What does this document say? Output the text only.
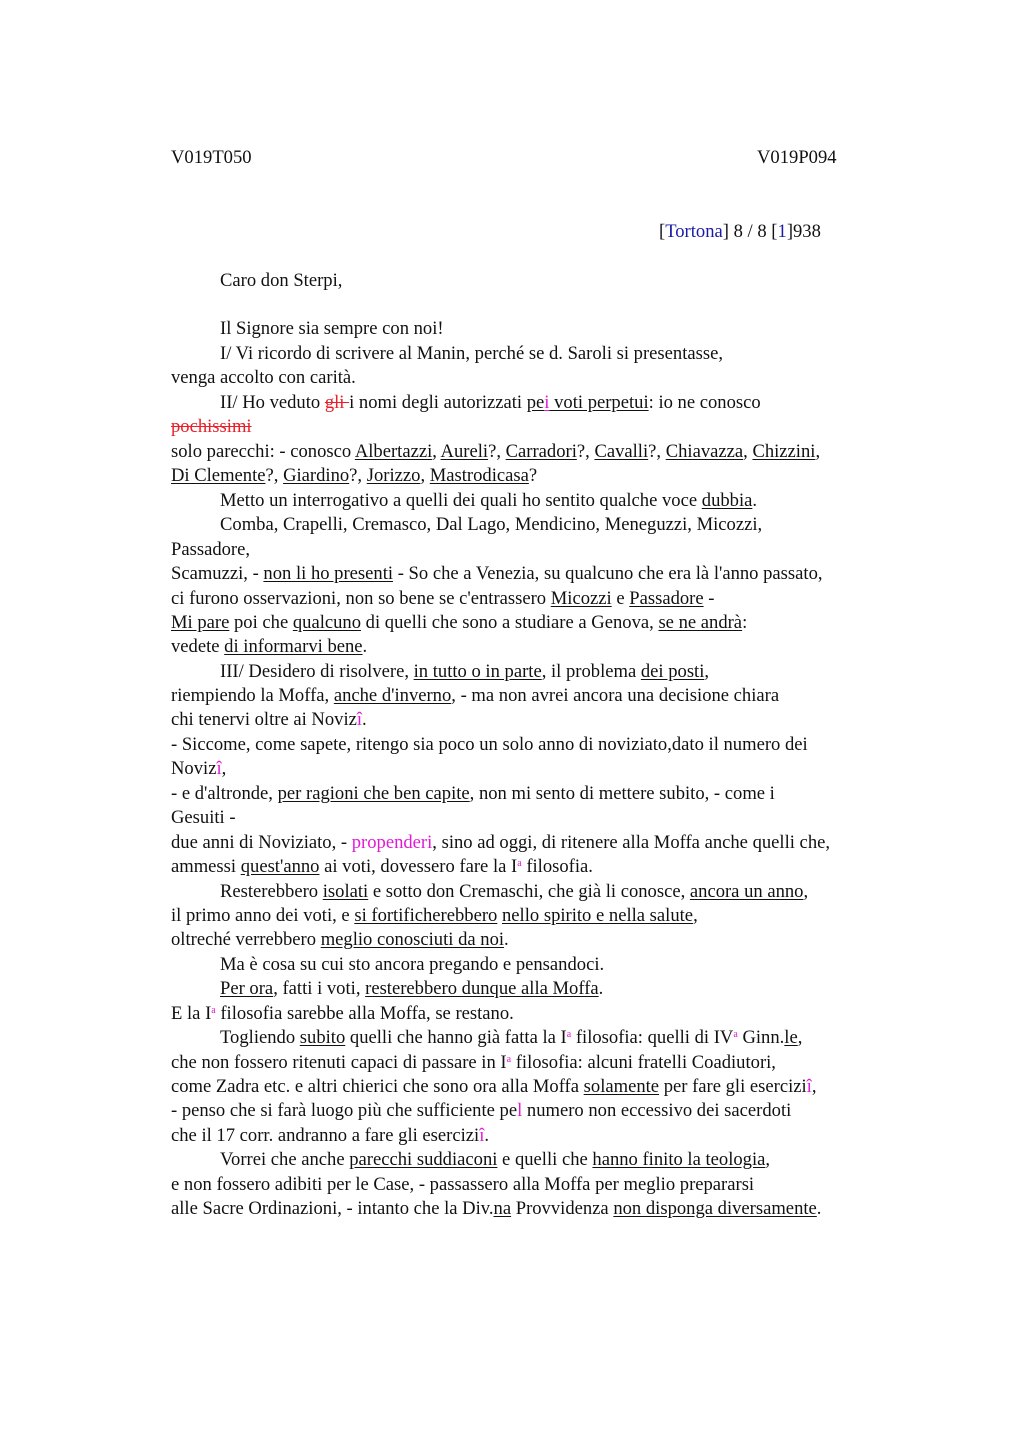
V019T050	V019P094
[Tortona] 8 / 8 [1]938
Caro don Sterpi,
Il Signore sia sempre con noi!
I/ Vi ricordo di scrivere al Manin, perché se d. Saroli si presentasse,
venga accolto con carità.
II/ Ho veduto gli i nomi degli autorizzati pei voti perpetui: io ne conosco
pochissimi
solo parecchi: - conosco Albertazzi, Aureli?, Carradori?, Cavalli?, Chiavazza, Chizzini,
Di Clemente?, Giardino?, Jorizzo, Mastrodicasa?
Metto un interrogativo a quelli dei quali ho sentito qualche voce dubbia.
Comba, Crapelli, Cremasco, Dal Lago, Mendicino, Meneguzzi, Micozzi,
Passadore,
Scamuzzi, - non li ho presenti - So che a Venezia, su qualcuno che era là l'anno passato,
ci furono osservazioni, non so bene se c'entrassero Micozzi e Passadore -
Mi pare poi che qualcuno di quelli che sono a studiare a Genova, se ne andrà:
vedete di informarvi bene.
III/ Desidero di risolvere, in tutto o in parte, il problema dei posti,
riempiendo la Moffa, anche d'inverno, - ma non avrei ancora una decisione chiara
chi tenervi oltre ai Novizî.
- Siccome, come sapete, ritengo sia poco un solo anno di noviziato,dato il numero dei
Novizî,
- e d'altronde, per ragioni che ben capite, non mi sento di mettere subito, - come i
Gesuiti -
due anni di Noviziato, - propenderi, sino ad oggi, di ritenere alla Moffa anche quelli che,
ammessi quest'anno ai voti, dovessero fare la $I^a$ filosofia.
Resterebbero isolati e sotto don Cremaschi, che già li conosce, ancora un anno,
il primo anno dei voti, e si fortificherebbero nello spirito e nella salute,
oltreché verrebbero meglio conosciuti da noi.
Ma è cosa su cui sto ancora pregando e pensandoci.
Per ora, fatti i voti, resterebbero dunque alla Moffa.
E la $I^a$ filosofia sarebbe alla Moffa, se restano.
Togliendo subito quelli che hanno già fatta la $I^a$ filosofia: quelli di $IV^a$ Ginn.le,
che non fossero ritenuti capaci di passare in $I^a$ filosofia: alcuni fratelli Coadiutori,
come Zadra etc. e altri chierici che sono ora alla Moffa solamente per fare gli eserciziî,
- penso che si farà luogo più che sufficiente pel numero non eccessivo dei sacerdoti
che il 17 corr. andranno a fare gli eserciziî.
Vorrei che anche parecchi suddiaconi e quelli che hanno finito la teologia,
e non fossero adibiti per le Case, - passassero alla Moffa per meglio prepararsi
alle Sacre Ordinazioni, - intanto che la Div.na Provvidenza non disponga diversamente.
